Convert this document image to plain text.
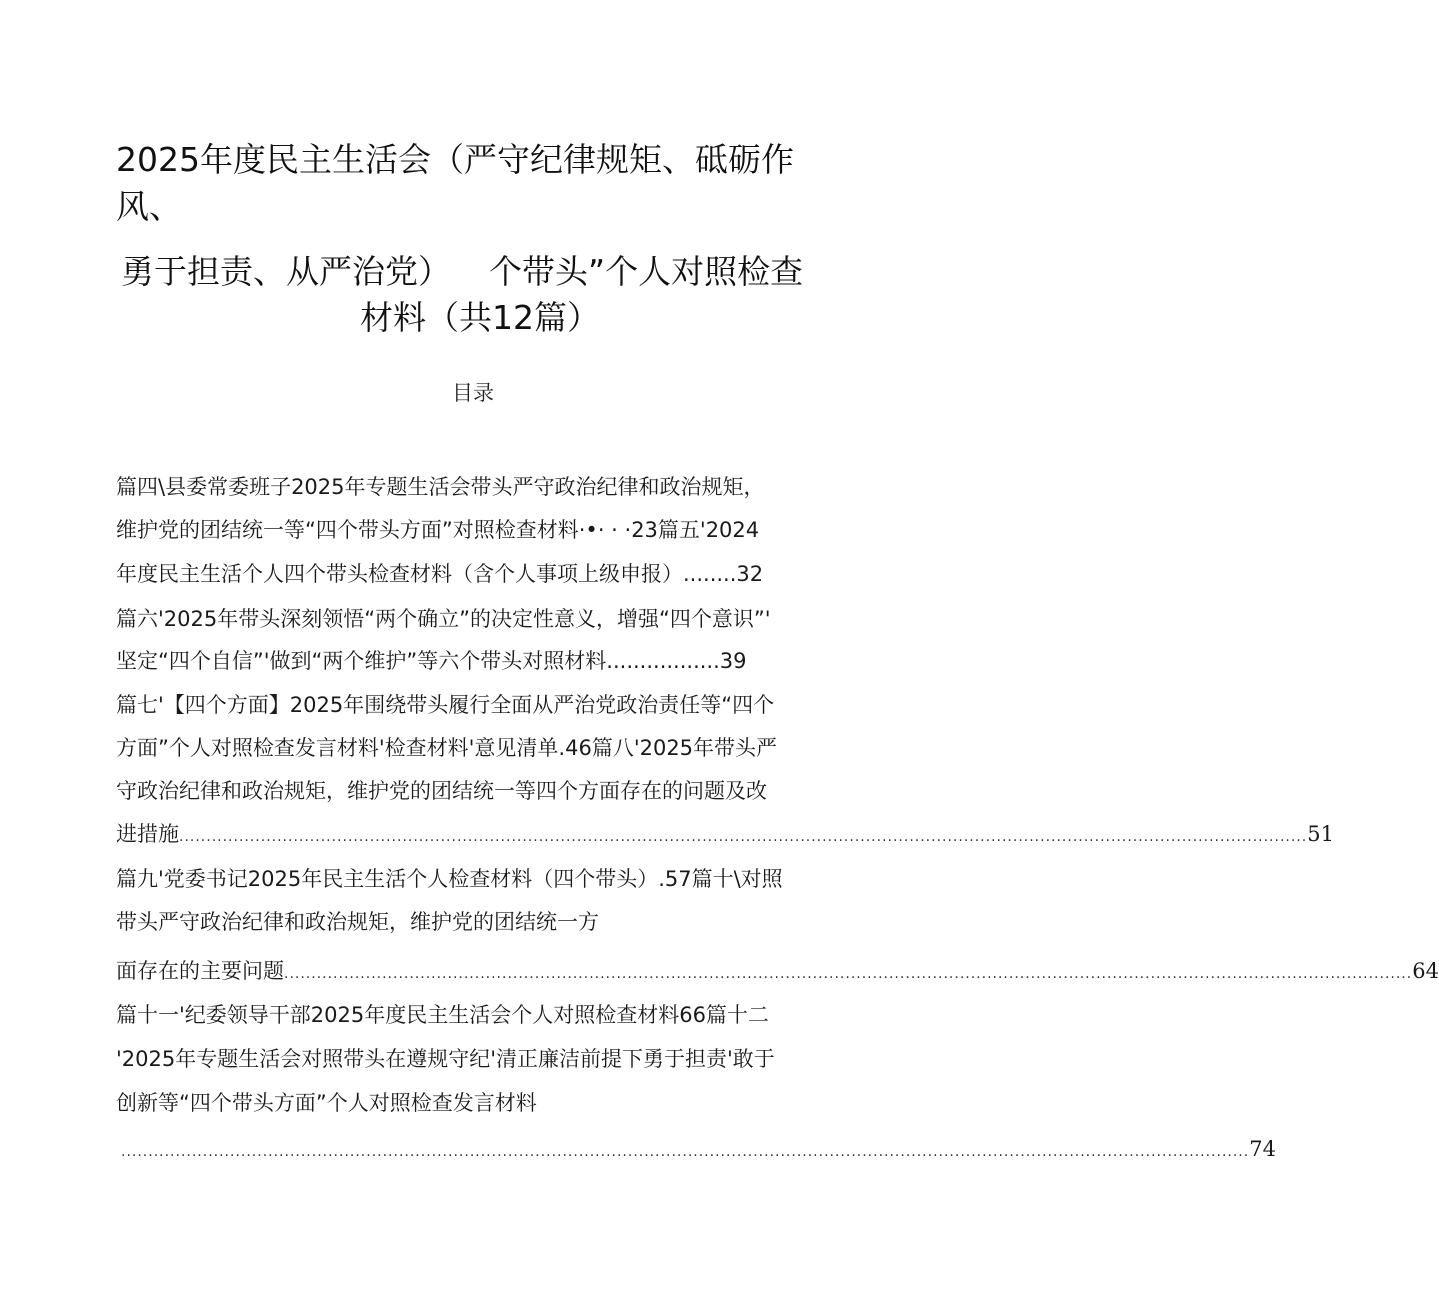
2025年度民主生活会（严守纪律规矩、砥砺作
风、
勇于担责、从严治党） 个带头”个人对照检查
材料（共12篇）
目录
篇四\县委常委班子2025年专题生活会带头严守政治纪律和政治规矩，
维护党的团结统一等“四个带头方面”对照检查材料·•· · ·23篇五'2024
年度民主生活个人四个带头检查材料（含个人事项上级申报）........32
篇六'2025年带头深刻领悟“两个确立”的决定性意义，增强“四个意识”'
坚定“四个自信”'做到“两个维护”等六个带头对照材料.................39
篇七'【四个方面】2025年围绕带头履行全面从严治党政治责任等“四个
方面”个人对照检查发言材料'检查材料'意见清单.46篇八'2025年带头严
守政治纪律和政治规矩，维护党的团结统一等四个方面存在的问题及改
进措施 ............................................................................................................................................................................................................... 51
篇九'党委书记2025年民主生活个人检查材料（四个带头）.57篇十\对照
带头严守政治纪律和政治规矩，维护党的团结统一方
面存在的主要问题 ............................................................................................................................................................................................................... 64
篇十一'纪委领导干部2025年度民主生活会个人对照检查材料66篇十二
'2025年专题生活会对照带头在遵规守纪'清正廉洁前提下勇于担责'敢于
创新等“四个带头方面”个人对照检查发言材料
............................................................................................................................................................................................................... 74
